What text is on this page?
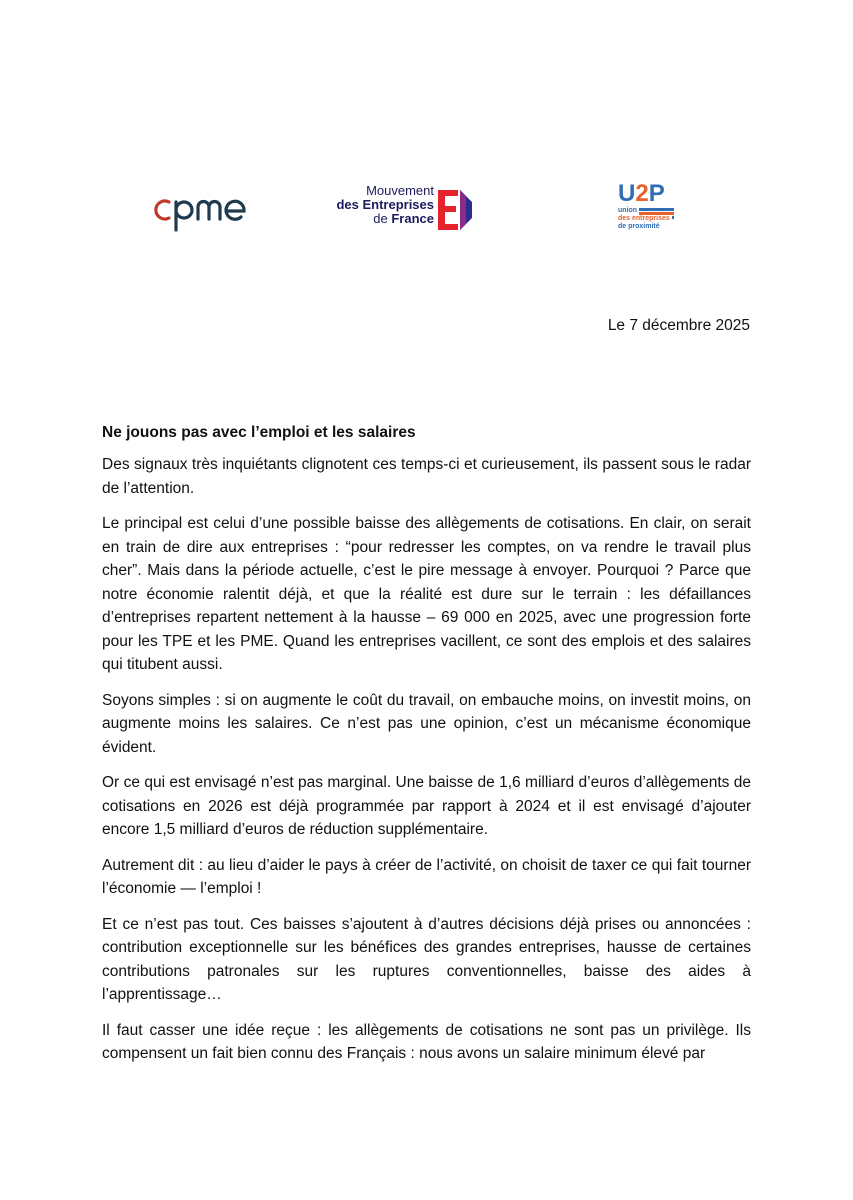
Mouvement
des Entreprises
de France
U2P
union
des entreprises
de proximité
Le 7 décembre 2025
Ne jouons pas avec l’emploi et les salaires

Des signaux très inquiétants clignotent ces temps-ci et curieusement, ils passent sous le radar de l’attention.

Le principal est celui d’une possible baisse des allègements de cotisations. En clair, on serait en train de dire aux entreprises : “pour redresser les comptes, on va rendre le travail plus cher”. Mais dans la période actuelle, c’est le pire message à envoyer. Pourquoi ? Parce que notre économie ralentit déjà, et que la réalité est dure sur le terrain : les défaillances d’entreprises repartent nettement à la hausse – 69 000 en 2025, avec une progression forte pour les TPE et les PME. Quand les entreprises vacillent, ce sont des emplois et des salaires qui titubent aussi.

Soyons simples : si on augmente le coût du travail, on embauche moins, on investit moins, on augmente moins les salaires. Ce n’est pas une opinion, c’est un mécanisme économique évident.

Or ce qui est envisagé n’est pas marginal. Une baisse de 1,6 milliard d’euros d’allègements de cotisations en 2026 est déjà programmée par rapport à 2024 et il est envisagé d’ajouter encore 1,5 milliard d’euros de réduction supplémentaire.

Autrement dit : au lieu d’aider le pays à créer de l’activité, on choisit de taxer ce qui fait tourner l’économie — l’emploi !

Et ce n’est pas tout. Ces baisses s’ajoutent à d’autres décisions déjà prises ou annoncées : contribution exceptionnelle sur les bénéfices des grandes entreprises, hausse de certaines contributions patronales sur les ruptures conventionnelles, baisse des aides à l’apprentissage…

Il faut casser une idée reçue : les allègements de cotisations ne sont pas un privilège. Ils compensent un fait bien connu des Français : nous avons un salaire minimum élevé par
